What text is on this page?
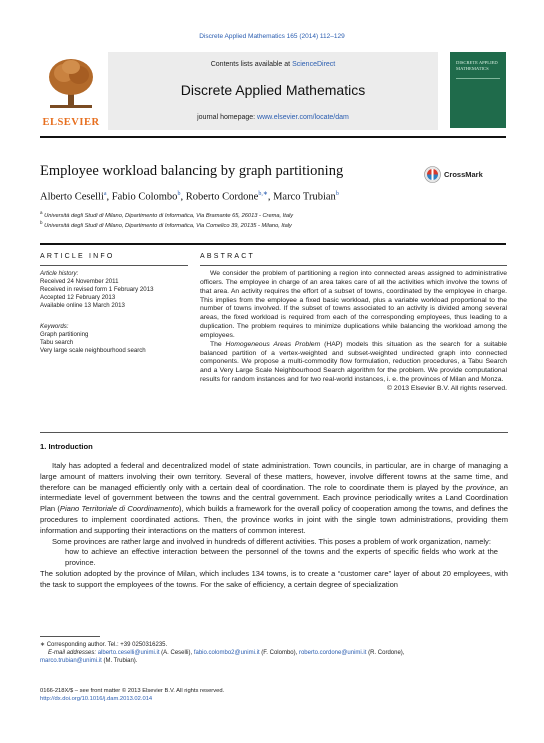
Discrete Applied Mathematics 165 (2014) 112–129
ELSEVIER
Contents lists available at ScienceDirect
Discrete Applied Mathematics
journal homepage: www.elsevier.com/locate/dam
DISCRETE APPLIED MATHEMATICS
Employee workload balancing by graph partitioning	CrossMark
Alberto Ceselli$^a$, Fabio Colombo$^b$, Roberto Cordone$^{b,∗}$, Marco Trubian$^b$
$^a$ Università degli Studi di Milano, Dipartimento di Informatica, Via Bramante 65, 26013 - Crema, Italy
$^b$ Università degli Studi di Milano, Dipartimento di Informatica, Via Comelico 39, 20135 - Milano, Italy
ARTICLE INFO	ABSTRACT
Article history:
Received 24 November 2011
Received in revised form 1 February 2013
Accepted 12 February 2013
Available online 13 March 2013
Keywords:
Graph partitioning
Tabu search
Very large scale neighbourhood search

We consider the problem of partitioning a region into connected areas assigned to administrative officers. The employee in charge of an area takes care of all the activities which involve the towns of that area. An activity requires the effort of a subset of towns, coordinated by the employee in charge. This implies from the employee a fixed basic workload, plus a variable workload proportional to the number of towns involved. If the subset of towns associated to an activity is divided among several areas, the fixed workload is required from each of the corresponding employees, thus leading to a duplication. The problem requires to minimize duplications while balancing the workload among the employees.

The Homogeneous Areas Problem (HAP) models this situation as the search for a suitable balanced partition of a vertex-weighted and subset-weighted undirected graph into connected components. We propose a multi-commodity flow formulation, reduction procedures, a Tabu Search and a Very Large Scale Neighbourhood Search algorithm for the problem. We provide computational results for random instances and for two real-world instances, i. e. the provinces of Milan and Monza.

© 2013 Elsevier B.V. All rights reserved.

1. Introduction

Italy has adopted a federal and decentralized model of state administration. Town councils, in particular, are in charge of managing a large amount of matters involving their own territory. Several of these matters, however, involve different towns at the same time, and therefore can be managed efficiently only with a certain deal of coordination. The role to coordinate them is played by the province, an intermediate level of government between the towns and the central government. Each province periodically writes a Land Coordination Plan (Piano Territoriale di Coordinamento), which builds a framework for the overall policy of cooperation among the towns, and defines the procedures to implement coordinated actions. Then, the province works in joint with the single town administrations, providing them information and supporting their interactions on the matters of common interest.

Some provinces are rather large and involved in hundreds of different activities. This poses a problem of work organization, namely:

how to achieve an effective interaction between the personnel of the towns and the experts of specific fields who work at the province.

The solution adopted by the province of Milan, which includes 134 towns, is to create a “customer care” layer of about 20 employees, with the task to support the employees of the towns. For the sake of efficiency, a certain degree of specialization

∗ Corresponding author. Tel.: +39 0250316235.
E-mail addresses: alberto.ceselli@unimi.it (A. Ceselli), fabio.colombo2@unimi.it (F. Colombo), roberto.cordone@unimi.it (R. Cordone),
marco.trubian@unimi.it (M. Trubian).
0166-218X/$ – see front matter © 2013 Elsevier B.V. All rights reserved.
http://dx.doi.org/10.1016/j.dam.2013.02.014
